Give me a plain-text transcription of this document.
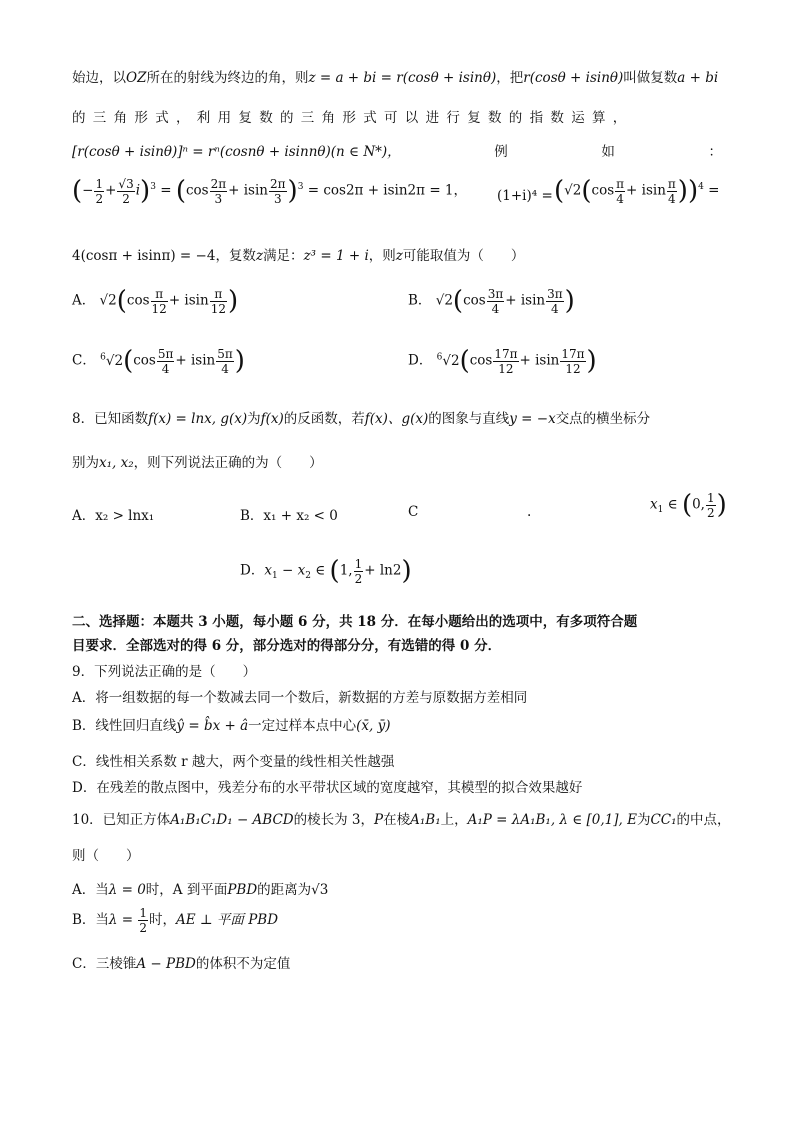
始边，以OZ所在的射线为终边的角，则z = a + bi = r(cosθ + isinθ)，把r(cosθ + isinθ)叫做复数a + bi
的三角形式，利用复数的三角形式可以进行复数的指数运算，
[r(cosθ + isinθ)]ⁿ = rⁿ(cosnθ + isinnθ)(n ∈ N*)，	例	如	：
(− $\frac{1}{2} + \frac{√3}{2} i)^3 = (\cos \frac{2\pi}{3} + isin \frac{2\pi}{3} )^3 = \cos 2\pi + isin2\pi = 1$， $(1+i)^4 = (√2(\cos \frac{\pi}{4} + isin \frac{\pi}{4} ))^4$ =
4(cosπ + isinπ) = −4，复数z满足：z³ = 1 + i，则z可能取值为（　　）
A． $√2(\cos \frac{\pi}{12} + isin \frac{\pi}{12}$ )	B． $√2(\cos \frac{3\pi}{4} + isin \frac{3\pi}{4}$ )
C． $^6√2(\cos \frac{5\pi}{4} + isin \frac{5\pi}{4}$ )	D． $^6√2(\cos \frac{17\pi}{12} + isin \frac{17\pi}{12}$ )
8．已知函数f(x) = lnx, g(x)为f(x)的反函数，若f(x)、g(x)的图象与直线y = −x交点的横坐标分
别为x₁, x₂，则下列说法正确的为（　　）
A．x₂ > lnx₁	B．x₁ + x₂ < 0	C	.	$x_1$ ∈ (0, $\frac{1}{2}$ )
D．$x_1 - x_2$ ∈ (1, $\frac{1}{2} + \ln 2$)
二、选择题：本题共 3 小题，每小题 6 分，共 18 分．在每小题给出的选项中，有多项符合题
目要求．全部选对的得 6 分，部分选对的得部分分，有选错的得 0 分．
9．下列说法正确的是（　　）
A．将一组数据的每一个数减去同一个数后，新数据的方差与原数据方差相同
B．线性回归直线ŷ = b̂x + â一定过样本点中心(x̄, ȳ)
C．线性相关系数 r 越大，两个变量的线性相关性越强
D．在残差的散点图中，残差分布的水平带状区域的宽度越窄，其模型的拟合效果越好
10．已知正方体A₁B₁C₁D₁ − ABCD的棱长为 3，P在棱A₁B₁上，A₁P = λA₁B₁, λ ∈ [0,1], E为CC₁的中点，
则（　　）
A．当λ = 0时，A 到平面PBD的距离为√3
B．当$\lambda = \frac{1}{2}$ 时，AE ⊥ 平面 PBD
C．三棱锥A − PBD的体积不为定值
